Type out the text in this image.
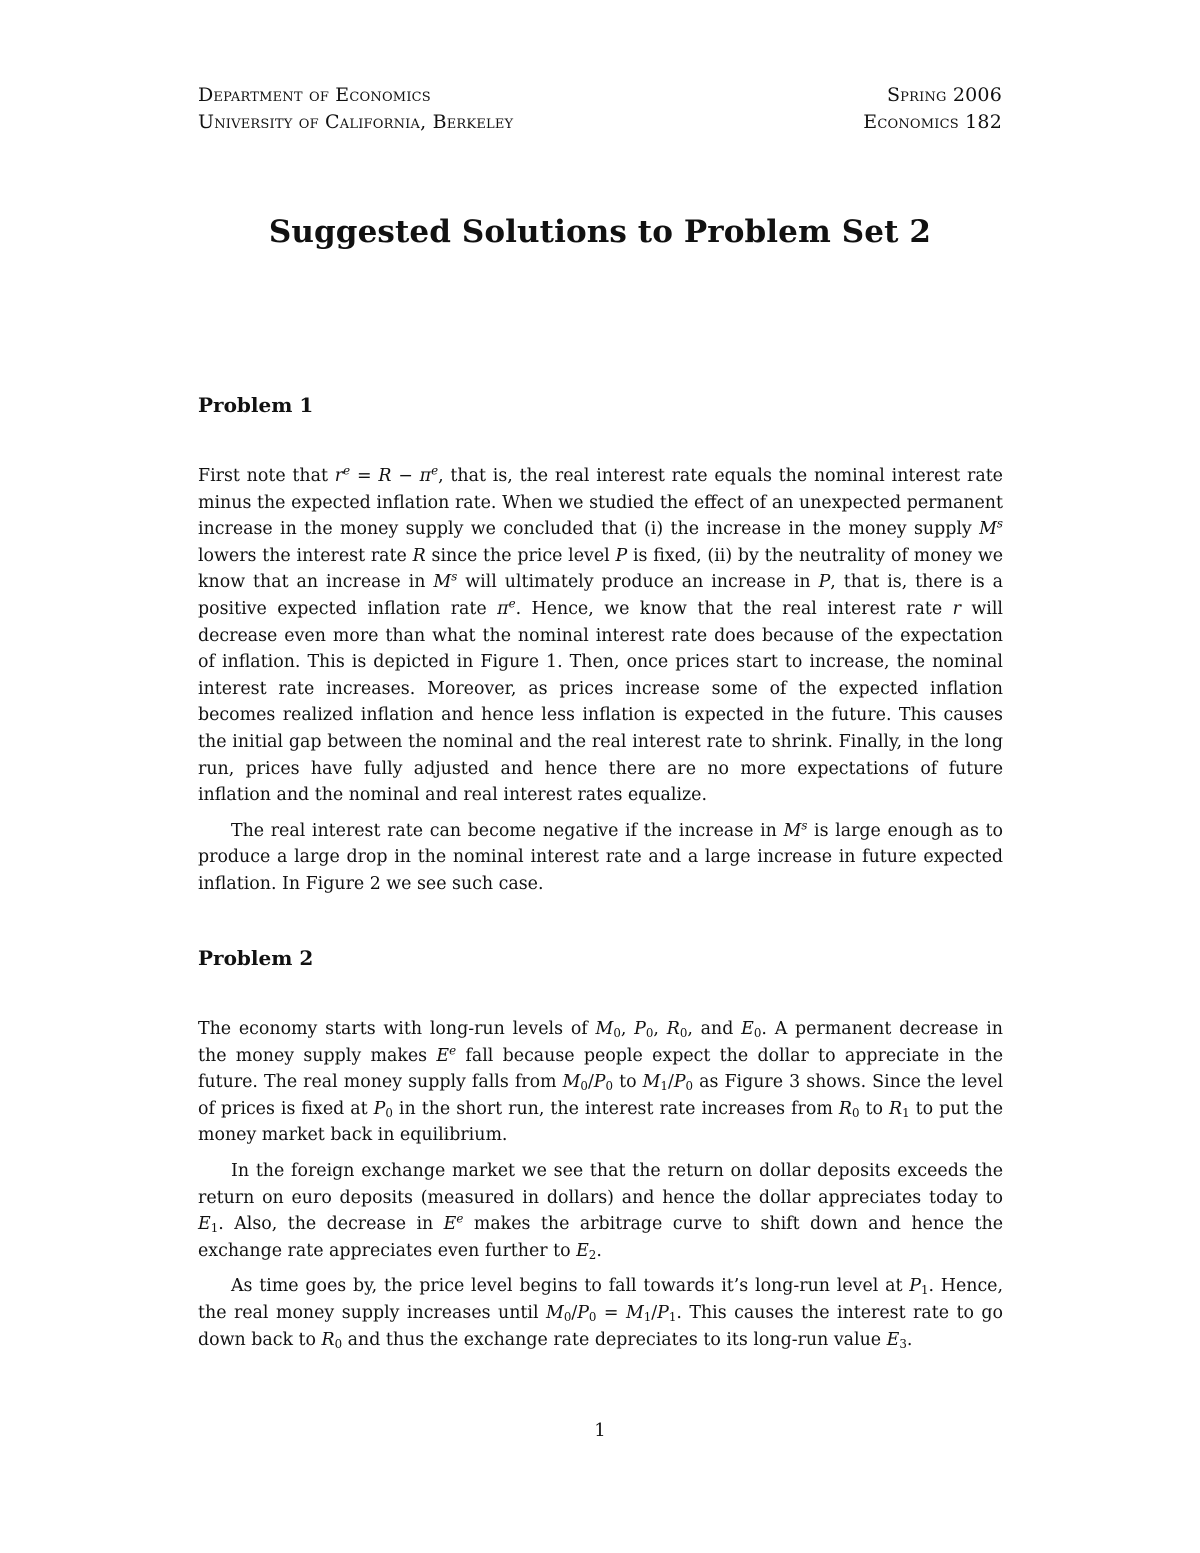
Department of Economics
University of California, Berkeley
Spring 2006
Economics 182
Suggested Solutions to Problem Set 2
Problem 1

First note that $r^e = R - \pi^e$, that is, the real interest rate equals the nominal interest rate minus the expected inflation rate. When we studied the effect of an unexpected permanent increase in the money supply we concluded that (i) the increase in the money supply $M^s$ lowers the interest rate R since the price level P is fixed, (ii) by the neutrality of money we know that an increase in $M^s$ will ultimately produce an increase in P, that is, there is a positive expected inflation rate $\pi^e$. Hence, we know that the real interest rate r will decrease even more than what the nominal interest rate does because of the expectation of inflation. This is depicted in Figure 1. Then, once prices start to increase, the nominal interest rate increases. Moreover, as prices increase some of the expected inflation becomes realized inflation and hence less inflation is expected in the future. This causes the initial gap between the nominal and the real interest rate to shrink. Finally, in the long run, prices have fully adjusted and hence there are no more expectations of future inflation and the nominal and real interest rates equalize.

The real interest rate can become negative if the increase in $M^s$ is large enough as to produce a large drop in the nominal interest rate and a large increase in future expected inflation. In Figure 2 we see such case.

Problem 2

The economy starts with long-run levels of $M_0$, $P_0$, $R_0$, and $E_0$. A permanent decrease in the money supply makes $E^e$ fall because people expect the dollar to appreciate in the future. The real money supply falls from $M_0/P_0$ to $M_1/P_0$ as Figure 3 shows. Since the level of prices is fixed at $P_0$ in the short run, the interest rate increases from $R_0$ to $R_1$ to put the money market back in equilibrium.

In the foreign exchange market we see that the return on dollar deposits exceeds the return on euro deposits (measured in dollars) and hence the dollar appreciates today to $E_1$. Also, the decrease in $E^e$ makes the arbitrage curve to shift down and hence the exchange rate appreciates even further to $E_2$.

As time goes by, the price level begins to fall towards it’s long-run level at $P_1$. Hence, the real money supply increases until $M_0/P_0 = M_1/P_1$. This causes the interest rate to go down back to $R_0$ and thus the exchange rate depreciates to its long-run value $E_3$.

1
